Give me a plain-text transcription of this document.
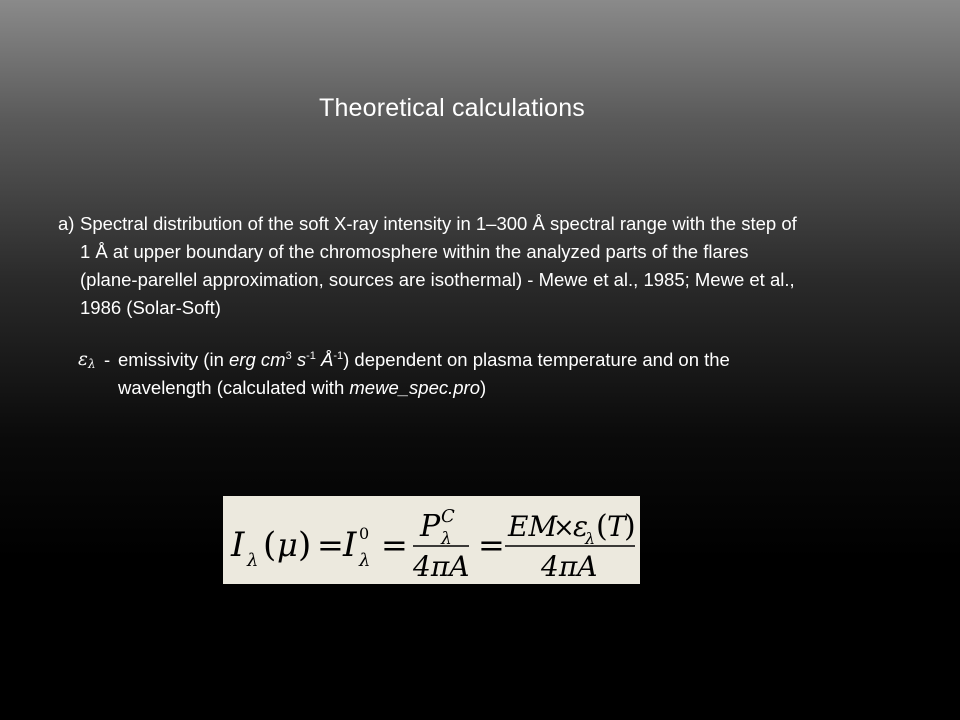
Theoretical calculations
a) Spectral distribution of the soft X-ray intensity in 1–300 Å spectral range with the step of 1 Å at upper boundary of the chromosphere within the analyzed parts of the flares (plane-parellel approximation, sources are isothermal) - Mewe et al., 1985; Mewe et al., 1986 (Solar-Soft)
ελ - emissivity (in erg $cm^3$ $s^{-1}$ $Å^{-1}$) dependent on plasma temperature and on the wavelength (calculated with mewe_spec.pro)
I λ ( μ ) = I 0
λ = P C
λ
4πA
= EM
×
ε
λ ( T
)
4πA
